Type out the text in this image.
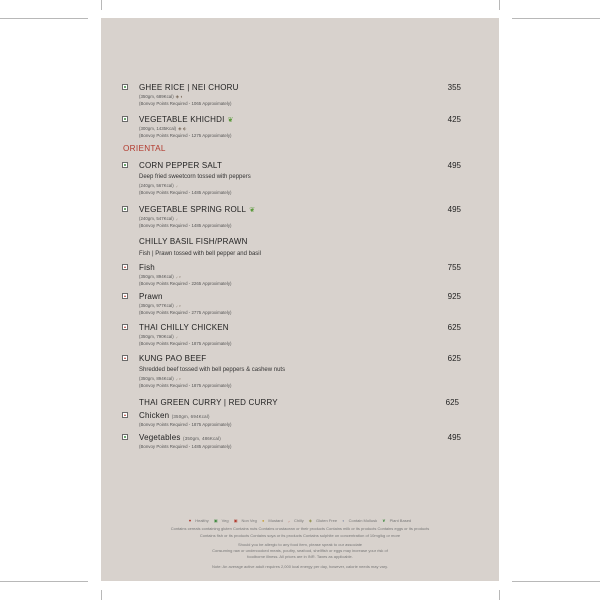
GHEE RICE | NEI CHORU	355
(350gm, 689Kcal) ◈ ◐
(Bonvoy Points Required - 1065 Approximately)
VEGETABLE KHICHDI ❦	425
(300gm, 1435Kcal) ◈ ⬖
(Bonvoy Points Required - 1275 Approximately)
ORIENTAL
CORN PEPPER SALT	495
Deep fried sweetcorn tossed with peppers
(240gm, 567Kcal) ⸝
(Bonvoy Points Required - 1485 Approximately)
VEGETABLE SPRING ROLL ❦	495
(240gm, 547Kcal) ⸝
(Bonvoy Points Required - 1485 Approximately)
CHILLY BASIL FISH/PRAWN
Fish | Prawn tossed with bell pepper and basil
Fish	755
(350gm, 894Kcal) ⸝ ⸗
(Bonvoy Points Required - 2265 Approximately)
Prawn	925
(350gm, 977Kcal) ⸝ ⸗
(Bonvoy Points Required - 2775 Approximately)
THAI CHILLY CHICKEN	625
(350gm, 790Kcal) ⸝
(Bonvoy Points Required - 1875 Approximately)
KUNG PAO BEEF	625
Shredded beef tossed with bell peppers & cashew nuts
(350gm, 894Kcal) ⸝ ⸗
(Bonvoy Points Required - 1875 Approximately)
THAI GREEN CURRY | RED CURRY	625
Chicken (350gm, 694Kcal)
(Bonvoy Points Required - 1875 Approximately)
Vegetables (350gm, 486Kcal)	495
(Bonvoy Points Required - 1485 Approximately)
♥ Healthy ▣ Veg ▣ Non Veg ● Mustard ⸝ Chilly ◈ Gluten Free ◐ Contain Mollusk ❦ Plant Based
Contains cereals containing gluten Contains nuts Contains crustacean or their products Contains milk or its products Contains eggs or its products
Contains fish or its products Contains soya or its products Contains sulphite on concentration of 10mg/kg or more
Should you be allergic to any food item, please speak to our associate
Consuming raw or undercooked meats, poultry, seafood, shellfish or eggs may increase your risk of
foodborne illness. All prices are in INR. Taxes as applicable.
Note: An average active adult requires 2,000 kcal energy per day, however, calorie needs may vary.
